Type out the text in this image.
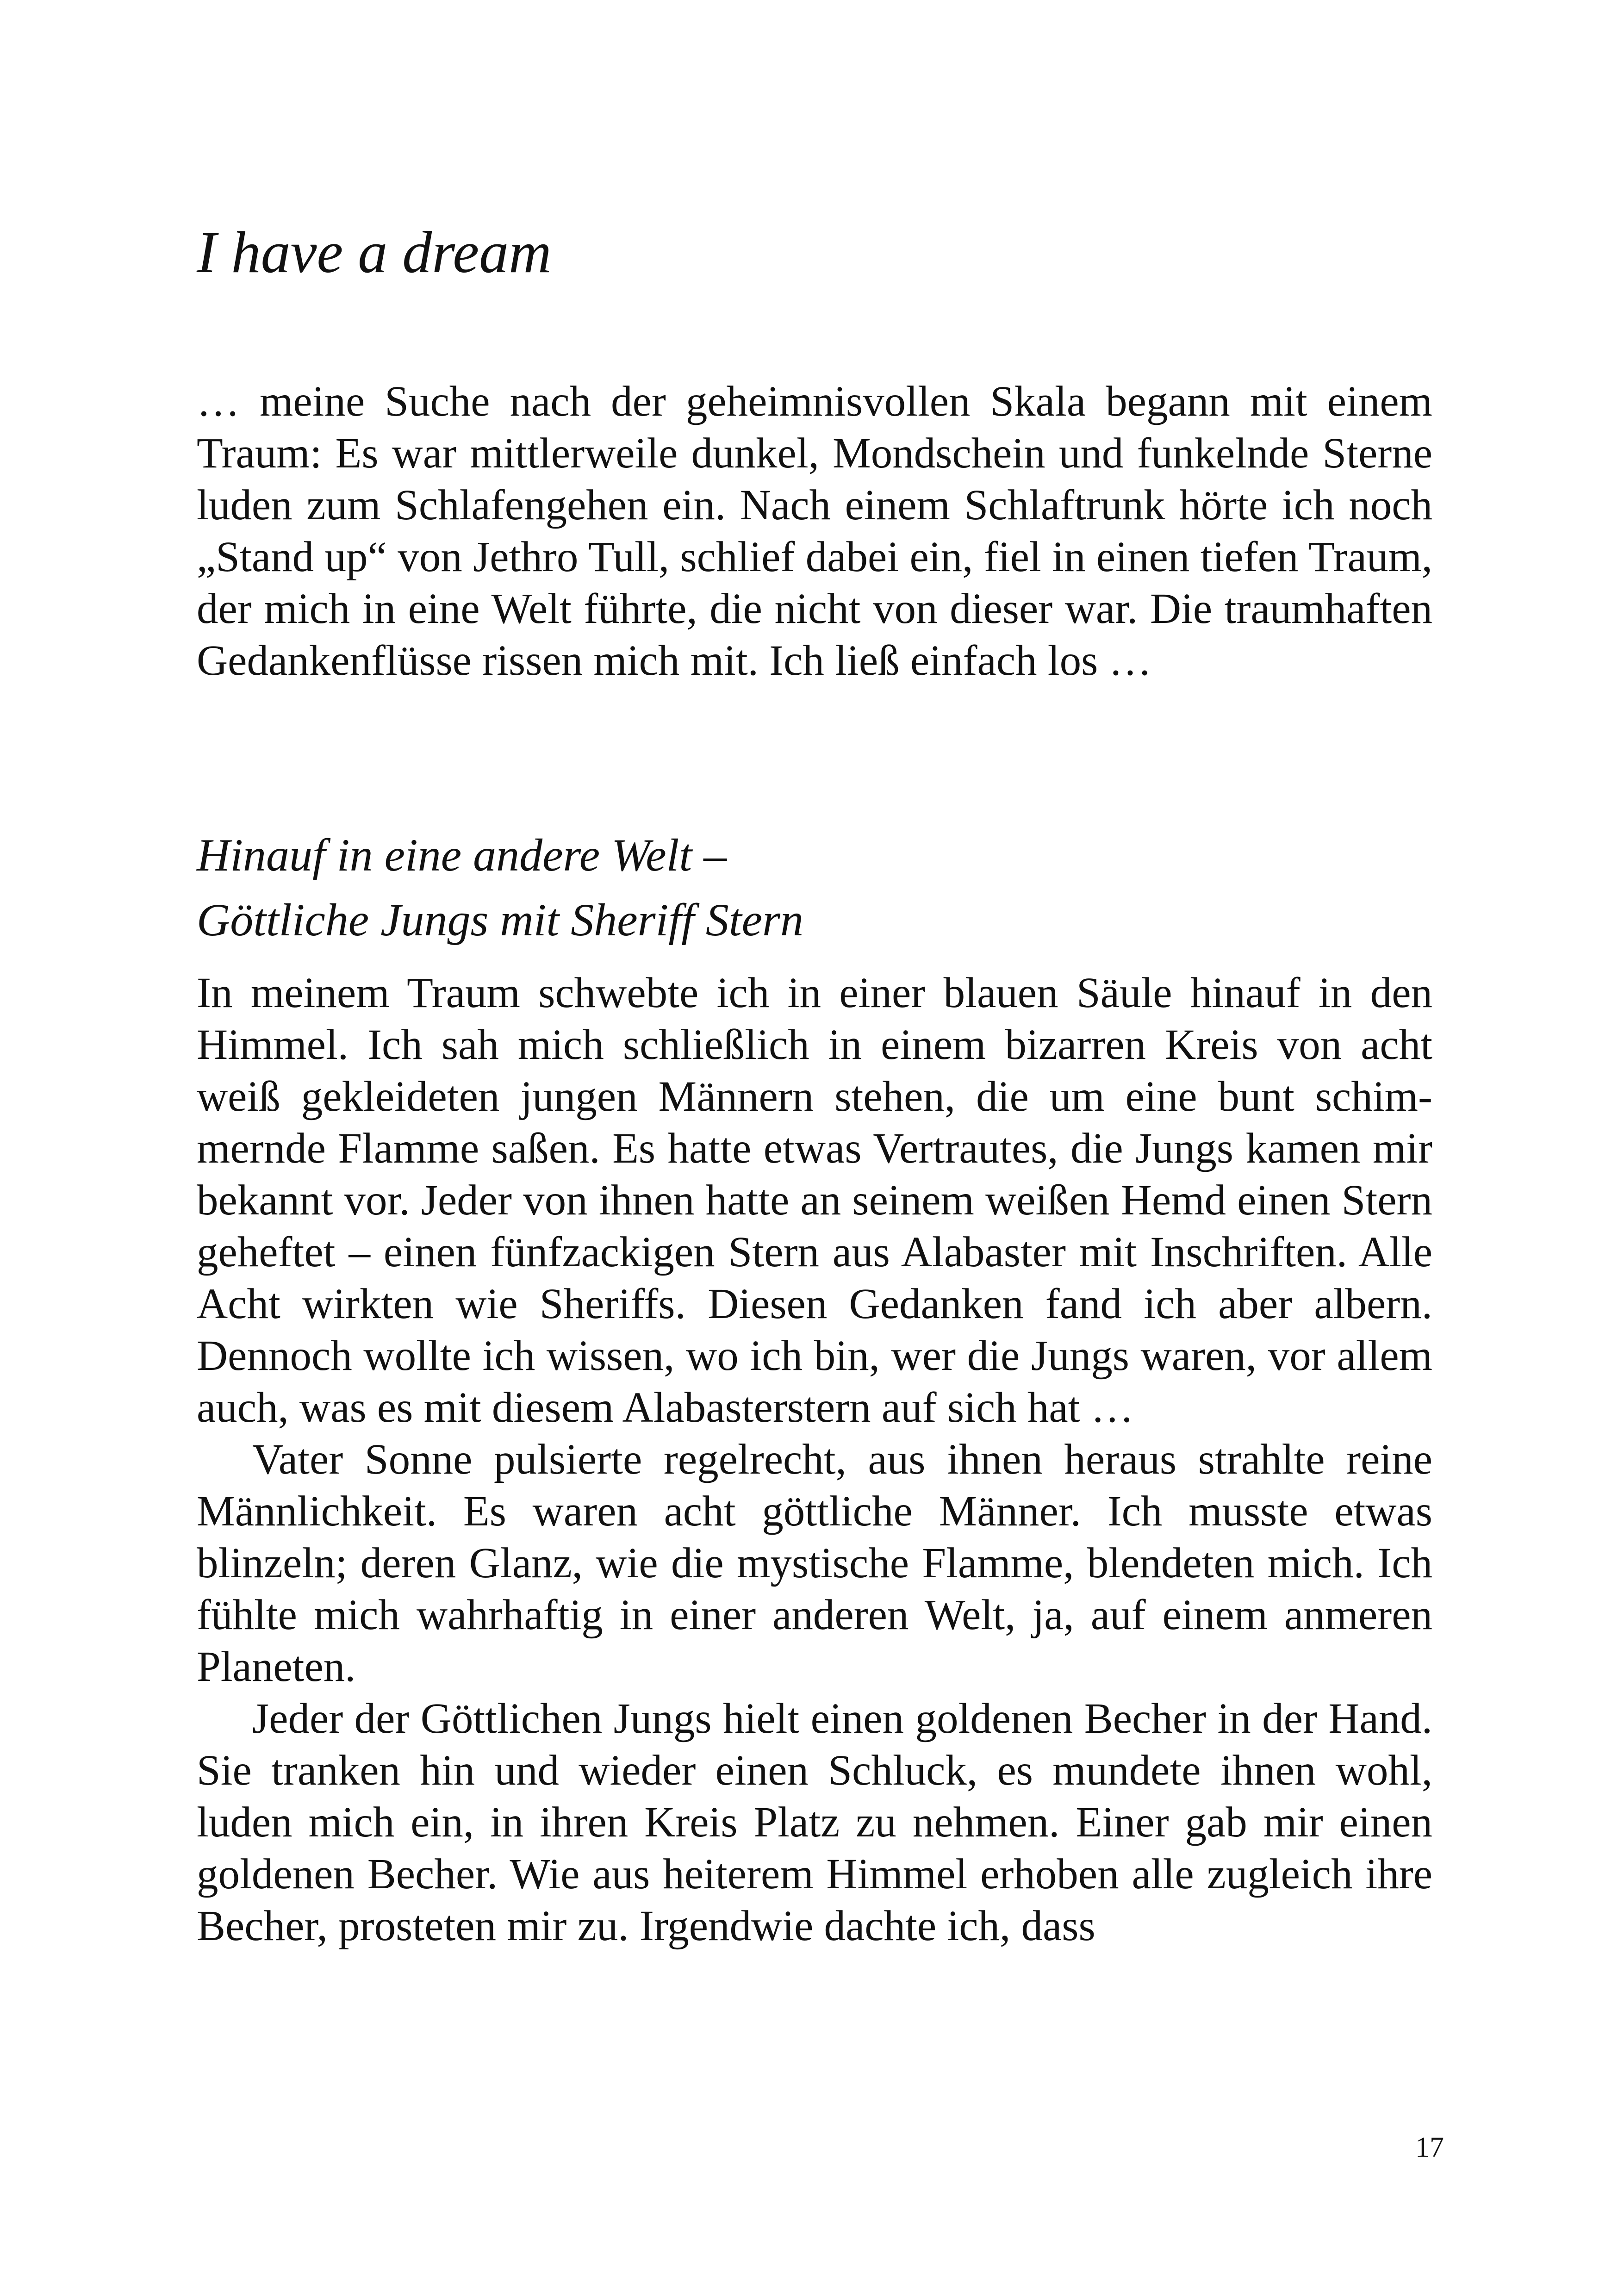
I have a dream

… meine Suche nach der geheimnisvollen Skala begann mit einem Traum: Es war mittlerweile dunkel, Mondschein und funkelnde Sterne luden zum Schlafengehen ein. Nach einem Schlaftrunk hörte ich noch „Stand up“ von Jethro Tull, schlief dabei ein, fiel in einen tiefen Traum, der mich in eine Welt führte, die nicht von dieser war. Die traumhaften Gedankenflüsse rissen mich mit. Ich ließ einfach los …

Hinauf in eine andere Welt –
Göttliche Jungs mit Sheriff Stern

In meinem Traum schwebte ich in einer blauen Säule hinauf in den Himmel. Ich sah mich schließlich in einem bizarren Kreis von acht weiß gekleideten jungen Männern stehen, die um eine bunt schimmernde Flamme saßen. Es hatte etwas Vertrautes, die Jungs kamen mir bekannt vor. Jeder von ihnen hatte an seinem weißen Hemd einen Stern geheftet – einen fünfzackigen Stern aus Alabaster mit Inschriften. Alle Acht wirkten wie Sheriffs. Diesen Gedanken fand ich aber albern. Dennoch wollte ich wissen, wo ich bin, wer die Jungs waren, vor allem auch, was es mit diesem Alabasterstern auf sich hat …

Vater Sonne pulsierte regelrecht, aus ihnen heraus strahlte reine Männlichkeit. Es waren acht göttliche Männer. Ich musste etwas blinzeln; deren Glanz, wie die mystische Flamme, blendeten mich. Ich fühlte mich wahrhaftig in einer anderen Welt, ja, auf einem anmeren Planeten.

Jeder der Göttlichen Jungs hielt einen goldenen Becher in der Hand. Sie tranken hin und wieder einen Schluck, es mundete ihnen wohl, luden mich ein, in ihren Kreis Platz zu nehmen. Einer gab mir einen goldenen Becher. Wie aus heiterem Himmel erhoben alle zugleich ihre Becher, prosteten mir zu. Irgendwie dachte ich, dass

17
